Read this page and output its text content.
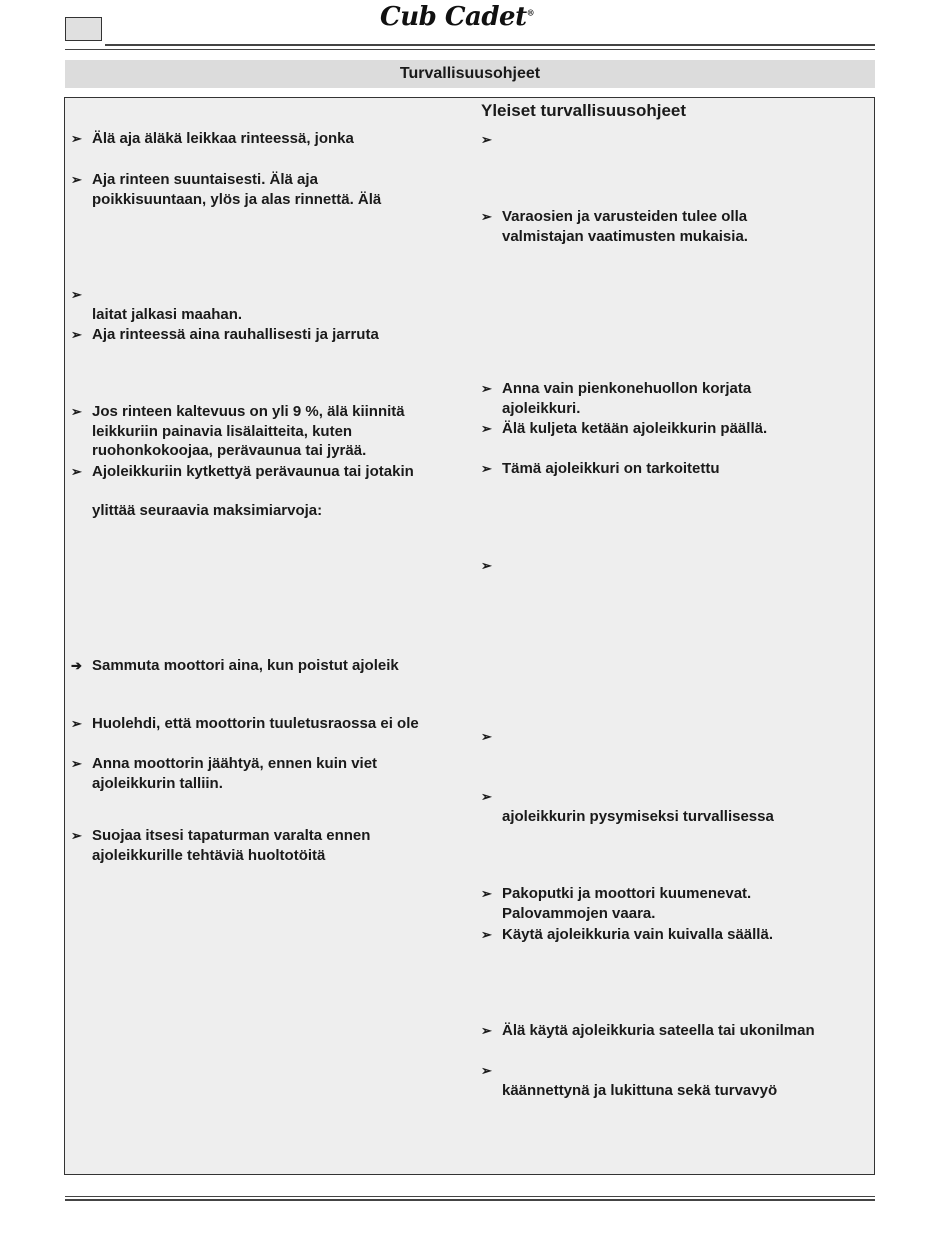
Cub Cadet®
Turvallisuusohjeet
Yleiset turvallisuusohjeet
➢ Älä aja äläkä leikkaa rinteessä, jonka
➢ Aja rinteen suuntaisesti. Älä aja
poikkisuuntaan, ylös ja alas rinnettä. Älä
➢

laitat jalkasi maahan.
➢ Aja rinteessä aina rauhallisesti ja jarruta
➢ Jos rinteen kaltevuus on yli 9 %, älä kiinnitä
leikkuriin painavia lisälaitteita, kuten
ruohonkokoojaa, perävaunua tai jyrää.
➢ Ajoleikkuriin kytkettyä perävaunua tai jotakin

ylittää seuraavia maksimiarvoja:
➔ Sammuta moottori aina, kun poistut ajoleik
➢ Huolehdi, että moottorin tuuletusraossa ei ole
➢ Anna moottorin jäähtyä, ennen kuin viet
ajoleikkurin talliin.
➢ Suojaa itsesi tapaturman varalta ennen
ajoleikkurille tehtäviä huoltotöitä
➢
➢ Varaosien ja varusteiden tulee olla
valmistajan vaatimusten mukaisia.
➢ Anna vain pienkonehuollon korjata
ajoleikkuri.
➢ Älä kuljeta ketään ajoleikkurin päällä.
➢ Tämä ajoleikkuri on tarkoitettu
➢
➢
➢

ajoleikkurin pysymiseksi turvallisessa
➢ Pakoputki ja moottori kuumenevat.
Palovammojen vaara.
➢ Käytä ajoleikkuria vain kuivalla säällä.
➢ Älä käytä ajoleikkuria sateella tai ukonilman
➢

käännettynä ja lukittuna sekä turvavyö
